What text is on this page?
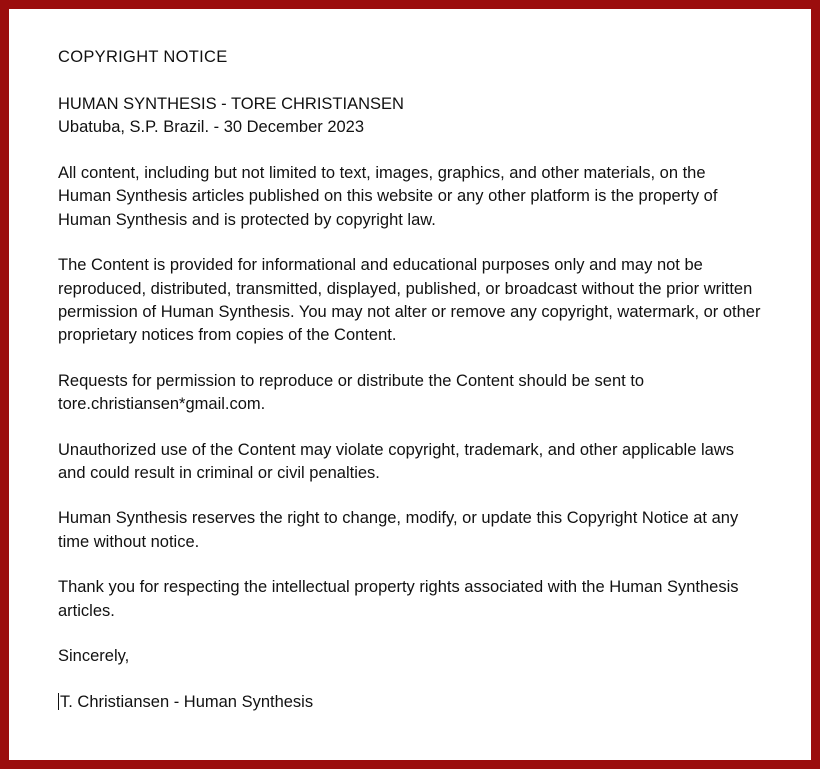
COPYRIGHT NOTICE

HUMAN SYNTHESIS - TORE CHRISTIANSEN
Ubatuba, S.P. Brazil. - 30 December 2023

All content, including but not limited to text, images, graphics, and other materials, on the Human Synthesis articles published on this website or any other platform is the property of Human Synthesis and is protected by copyright law.

The Content is provided for informational and educational purposes only and may not be reproduced, distributed, transmitted, displayed, published, or broadcast without the prior written permission of Human Synthesis. You may not alter or remove any copyright, watermark, or other proprietary notices from copies of the Content.

Requests for permission to reproduce or distribute the Content should be sent to tore.christiansen*gmail.com.

Unauthorized use of the Content may violate copyright, trademark, and other applicable laws and could result in criminal or civil penalties.

Human Synthesis reserves the right to change, modify, or update this Copyright Notice at any time without notice.

Thank you for respecting the intellectual property rights associated with the Human Synthesis articles.

Sincerely,

T. Christiansen - Human Synthesis
